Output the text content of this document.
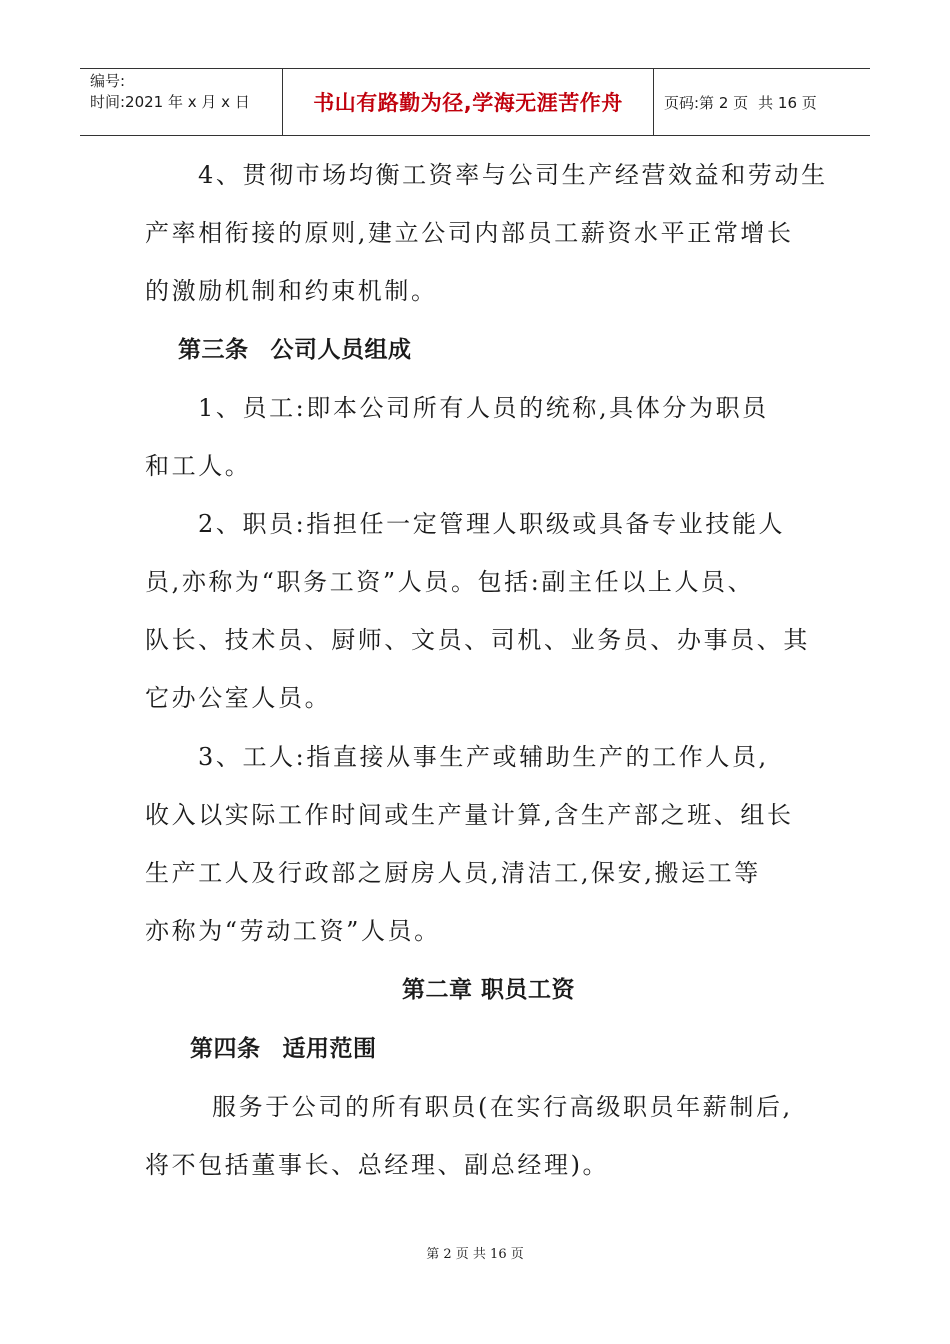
编号:
时间:2021 年 x 月 x 日	书山有路勤为径,学海无涯苦作舟	页码:第 2 页 共 16 页
4、贯彻市场均衡工资率与公司生产经营效益和劳动生
产率相衔接的原则,建立公司内部员工薪资水平正常增长
的激励机制和约束机制。
第三条 公司人员组成
1、员工:即本公司所有人员的统称,具体分为职员
和工人。
2、职员:指担任一定管理人职级或具备专业技能人
员,亦称为“职务工资”人员。包括:副主任以上人员、
队长、技术员、厨师、文员、司机、业务员、办事员、其
它办公室人员。
3、工人:指直接从事生产或辅助生产的工作人员,
收入以实际工作时间或生产量计算,含生产部之班、组长
生产工人及行政部之厨房人员,清洁工,保安,搬运工等
亦称为“劳动工资”人员。
第二章 职员工资
第四条 适用范围
服务于公司的所有职员(在实行高级职员年薪制后,
将不包括董事长、总经理、副总经理)。
第 2 页 共 16 页
